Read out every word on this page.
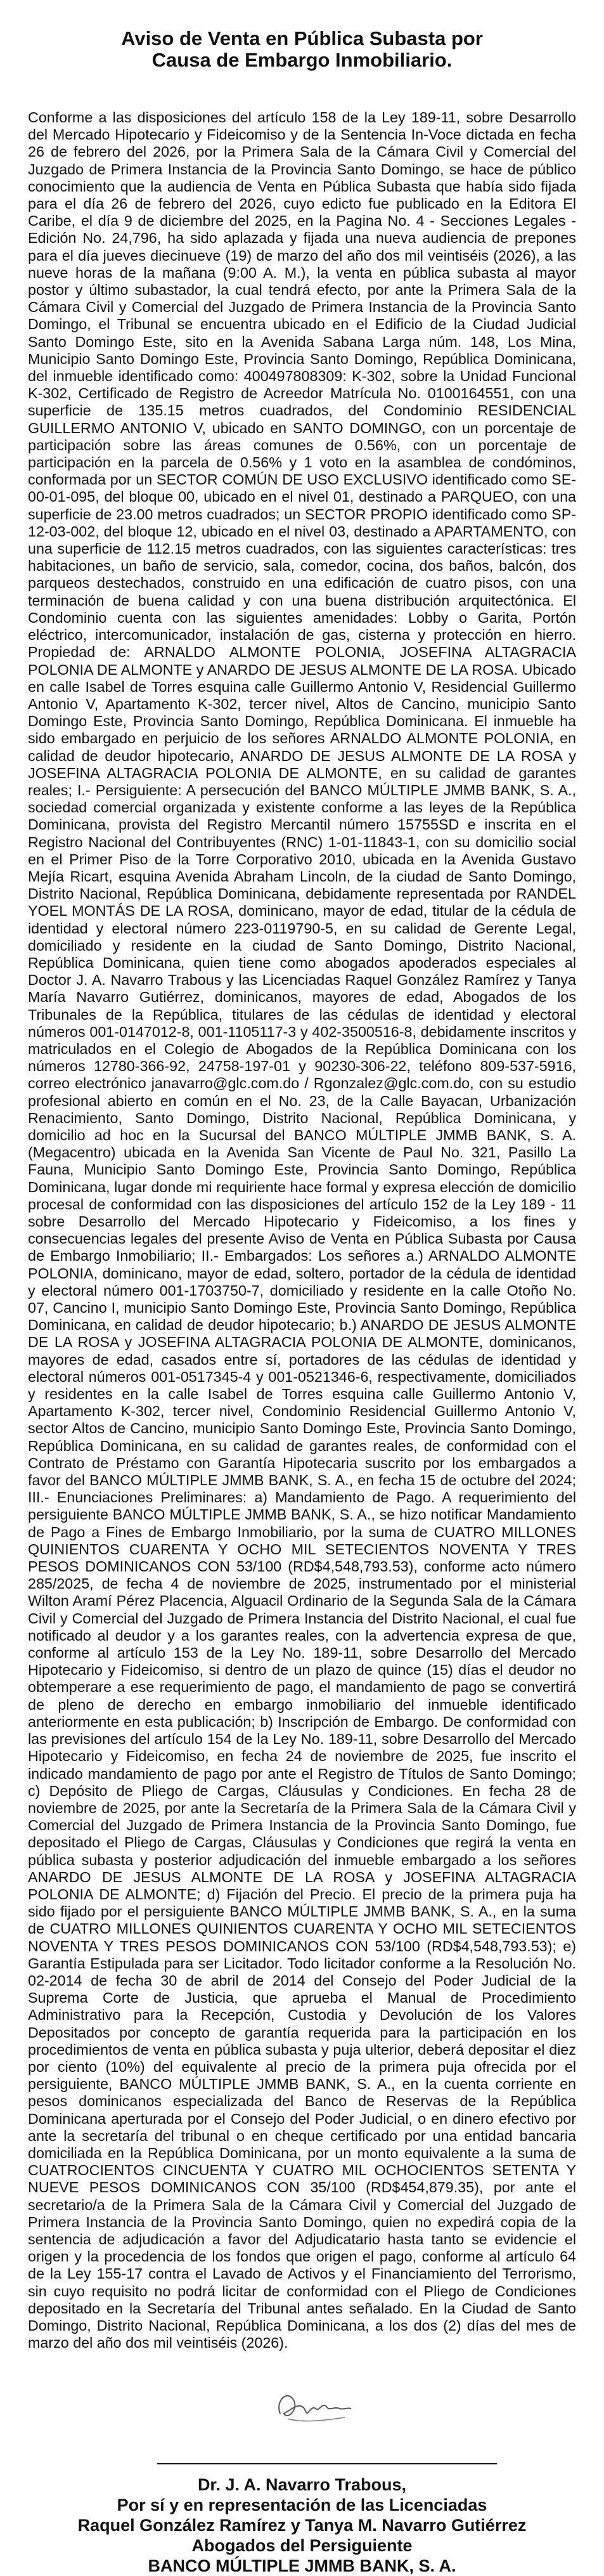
Aviso de Venta en Pública Subasta por
Causa de Embargo Inmobiliario.
Conforme a las disposiciones del artículo 158 de la Ley 189-11, sobre Desarrollo del Mercado Hipotecario y Fideicomiso y de la Sentencia In-Voce dictada en fecha 26 de febrero del 2026, por la Primera Sala de la Cámara Civil y Comercial del Juzgado de Primera Instancia de la Provincia Santo Domingo, se hace de público conocimiento que la audiencia de Venta en Pública Subasta que había sido fijada para el día 26 de febrero del 2026, cuyo edicto fue publicado en la Editora El Caribe, el día 9 de diciembre del 2025, en la Pagina No. 4 - Secciones Legales - Edición No. 24,796, ha sido aplazada y fijada una nueva audiencia de prepones para el día jueves diecinueve (19) de marzo del año dos mil veintiséis (2026), a las nueve horas de la mañana (9:00 A. M.), la venta en pública subasta al mayor postor y último subastador, la cual tendrá efecto, por ante la Primera Sala de la Cámara Civil y Comercial del Juzgado de Primera Instancia de la Provincia Santo Domingo, el Tribunal se encuentra ubicado en el Edificio de la Ciudad Judicial Santo Domingo Este, sito en la Avenida Sabana Larga núm. 148, Los Mina, Municipio Santo Domingo Este, Provincia Santo Domingo, República Dominicana, del inmueble identificado como: 400497808309: K-302, sobre la Unidad Funcional K-302, Certificado de Registro de Acreedor Matrícula No. 0100164551, con una superficie de 135.15 metros cuadrados, del Condominio RESIDENCIAL GUILLERMO ANTONIO V, ubicado en SANTO DOMINGO, con un porcentaje de participación sobre las áreas comunes de 0.56%, con un porcentaje de participación en la parcela de 0.56% y 1 voto en la asamblea de condóminos, conformada por un SECTOR COMÚN DE USO EXCLUSIVO identificado como SE-00-01-095, del bloque 00, ubicado en el nivel 01, destinado a PARQUEO, con una superficie de 23.00 metros cuadrados; un SECTOR PROPIO identificado como SP-12-03-002, del bloque 12, ubicado en el nivel 03, destinado a APARTAMENTO, con una superficie de 112.15 metros cuadrados, con las siguientes características: tres habitaciones, un baño de servicio, sala, comedor, cocina, dos baños, balcón, dos parqueos destechados, construido en una edificación de cuatro pisos, con una terminación de buena calidad y con una buena distribución arquitectónica. El Condominio cuenta con las siguientes amenidades: Lobby o Garita, Portón eléctrico, intercomunicador, instalación de gas, cisterna y protección en hierro. Propiedad de: ARNALDO ALMONTE POLONIA, JOSEFINA ALTAGRACIA POLONIA DE ALMONTE y ANARDO DE JESUS ALMONTE DE LA ROSA. Ubicado en calle Isabel de Torres esquina calle Guillermo Antonio V, Residencial Guillermo Antonio V, Apartamento K-302, tercer nivel, Altos de Cancino, municipio Santo Domingo Este, Provincia Santo Domingo, República Dominicana. El inmueble ha sido embargado en perjuicio de los señores ARNALDO ALMONTE POLONIA, en calidad de deudor hipotecario, ANARDO DE JESUS ALMONTE DE LA ROSA y JOSEFINA ALTAGRACIA POLONIA DE ALMONTE, en su calidad de garantes reales; I.- Persiguiente: A persecución del BANCO MÚLTIPLE JMMB BANK, S. A., sociedad comercial organizada y existente conforme a las leyes de la República Dominicana, provista del Registro Mercantil número 15755SD e inscrita en el Registro Nacional del Contribuyentes (RNC) 1-01-11843-1, con su domicilio social en el Primer Piso de la Torre Corporativo 2010, ubicada en la Avenida Gustavo Mejía Ricart, esquina Avenida Abraham Lincoln, de la ciudad de Santo Domingo, Distrito Nacional, República Dominicana, debidamente representada por RANDEL YOEL MONTÁS DE LA ROSA, dominicano, mayor de edad, titular de la cédula de identidad y electoral número 223-0119790-5, en su calidad de Gerente Legal, domiciliado y residente en la ciudad de Santo Domingo, Distrito Nacional, República Dominicana, quien tiene como abogados apoderados especiales al Doctor J. A. Navarro Trabous y las Licenciadas Raquel González Ramírez y Tanya María Navarro Gutiérrez, dominicanos, mayores de edad, Abogados de los Tribunales de la República, titulares de las cédulas de identidad y electoral números 001-0147012-8, 001-1105117-3 y 402-3500516-8, debidamente inscritos y matriculados en el Colegio de Abogados de la República Dominicana con los números 12780-366-92, 24758-197-01 y 90230-306-22, teléfono 809-537-5916, correo electrónico janavarro@glc.com.do / Rgonzalez@glc.com.do, con su estudio profesional abierto en común en el No. 23, de la Calle Bayacan, Urbanización Renacimiento, Santo Domingo, Distrito Nacional, República Dominicana, y domicilio ad hoc en la Sucursal del BANCO MÚLTIPLE JMMB BANK, S. A. (Megacentro) ubicada en la Avenida San Vicente de Paul No. 321, Pasillo La Fauna, Municipio Santo Domingo Este, Provincia Santo Domingo, República Dominicana, lugar donde mi requiriente hace formal y expresa elección de domicilio procesal de conformidad con las disposiciones del artículo 152 de la Ley 189 - 11 sobre Desarrollo del Mercado Hipotecario y Fideicomiso, a los fines y consecuencias legales del presente Aviso de Venta en Pública Subasta por Causa de Embargo Inmobiliario; II.- Embargados: Los señores a.) ARNALDO ALMONTE POLONIA, dominicano, mayor de edad, soltero, portador de la cédula de identidad y electoral número 001-1703750-7, domiciliado y residente en la calle Otoño No. 07, Cancino I, municipio Santo Domingo Este, Provincia Santo Domingo, República Dominicana, en calidad de deudor hipotecario; b.) ANARDO DE JESUS ALMONTE DE LA ROSA y JOSEFINA ALTAGRACIA POLONIA DE ALMONTE, dominicanos, mayores de edad, casados entre sí, portadores de las cédulas de identidad y electoral números 001-0517345-4 y 001-0521346-6, respectivamente, domiciliados y residentes en la calle Isabel de Torres esquina calle Guillermo Antonio V, Apartamento K-302, tercer nivel, Condominio Residencial Guillermo Antonio V, sector Altos de Cancino, municipio Santo Domingo Este, Provincia Santo Domingo, República Dominicana, en su calidad de garantes reales, de conformidad con el Contrato de Préstamo con Garantía Hipotecaria suscrito por los embargados a favor del BANCO MÚLTIPLE JMMB BANK, S. A., en fecha 15 de octubre del 2024; III.- Enunciaciones Preliminares: a) Mandamiento de Pago. A requerimiento del persiguiente BANCO MÚLTIPLE JMMB BANK, S. A., se hizo notificar Mandamiento de Pago a Fines de Embargo Inmobiliario, por la suma de CUATRO MILLONES QUINIENTOS CUARENTA Y OCHO MIL SETECIENTOS NOVENTA Y TRES PESOS DOMINICANOS CON 53/100 (RD$4,548,793.53), conforme acto número 285/2025, de fecha 4 de noviembre de 2025, instrumentado por el ministerial Wilton Aramí Pérez Placencia, Alguacil Ordinario de la Segunda Sala de la Cámara Civil y Comercial del Juzgado de Primera Instancia del Distrito Nacional, el cual fue notificado al deudor y a los garantes reales, con la advertencia expresa de que, conforme al artículo 153 de la Ley No. 189-11, sobre Desarrollo del Mercado Hipotecario y Fideicomiso, si dentro de un plazo de quince (15) días el deudor no obtemperare a ese requerimiento de pago, el mandamiento de pago se convertirá de pleno de derecho en embargo inmobiliario del inmueble identificado anteriormente en esta publicación; b) Inscripción de Embargo. De conformidad con las previsiones del artículo 154 de la Ley No. 189-11, sobre Desarrollo del Mercado Hipotecario y Fideicomiso, en fecha 24 de noviembre de 2025, fue inscrito el indicado mandamiento de pago por ante el Registro de Títulos de Santo Domingo; c) Depósito de Pliego de Cargas, Cláusulas y Condiciones. En fecha 28 de noviembre de 2025, por ante la Secretaría de la Primera Sala de la Cámara Civil y Comercial del Juzgado de Primera Instancia de la Provincia Santo Domingo, fue depositado el Pliego de Cargas, Cláusulas y Condiciones que regirá la venta en pública subasta y posterior adjudicación del inmueble embargado a los señores ANARDO DE JESUS ALMONTE DE LA ROSA y JOSEFINA ALTAGRACIA POLONIA DE ALMONTE; d) Fijación del Precio. El precio de la primera puja ha sido fijado por el persiguiente BANCO MÚLTIPLE JMMB BANK, S. A., en la suma de CUATRO MILLONES QUINIENTOS CUARENTA Y OCHO MIL SETECIENTOS NOVENTA Y TRES PESOS DOMINICANOS CON 53/100 (RD$4,548,793.53); e) Garantía Estipulada para ser Licitador. Todo licitador conforme a la Resolución No. 02-2014 de fecha 30 de abril de 2014 del Consejo del Poder Judicial de la Suprema Corte de Justicia, que aprueba el Manual de Procedimiento Administrativo para la Recepción, Custodia y Devolución de los Valores Depositados por concepto de garantía requerida para la participación en los procedimientos de venta en pública subasta y puja ulterior, deberá depositar el diez por ciento (10%) del equivalente al precio de la primera puja ofrecida por el persiguiente, BANCO MÚLTIPLE JMMB BANK, S. A., en la cuenta corriente en pesos dominicanos especializada del Banco de Reservas de la República Dominicana aperturada por el Consejo del Poder Judicial, o en dinero efectivo por ante la secretaría del tribunal o en cheque certificado por una entidad bancaria domiciliada en la República Dominicana, por un monto equivalente a la suma de CUATROCIENTOS CINCUENTA Y CUATRO MIL OCHOCIENTOS SETENTA Y NUEVE PESOS DOMINICANOS CON 35/100 (RD$454,879.35), por ante el secretario/a de la Primera Sala de la Cámara Civil y Comercial del Juzgado de Primera Instancia de la Provincia Santo Domingo, quien no expedirá copia de la sentencia de adjudicación a favor del Adjudicatario hasta tanto se evidencie el origen y la procedencia de los fondos que origen el pago, conforme al artículo 64 de la Ley 155-17 contra el Lavado de Activos y el Financiamiento del Terrorismo, sin cuyo requisito no podrá licitar de conformidad con el Pliego de Condiciones depositado en la Secretaría del Tribunal antes señalado. En la Ciudad de Santo Domingo, Distrito Nacional, República Dominicana, a los dos (2) días del mes de marzo del año dos mil veintiséis (2026).
Dr. J. A. Navarro Trabous,
Por sí y en representación de las Licenciadas
Raquel González Ramírez y Tanya M. Navarro Gutiérrez
Abogados del Persiguiente
BANCO MÚLTIPLE JMMB BANK, S. A.
